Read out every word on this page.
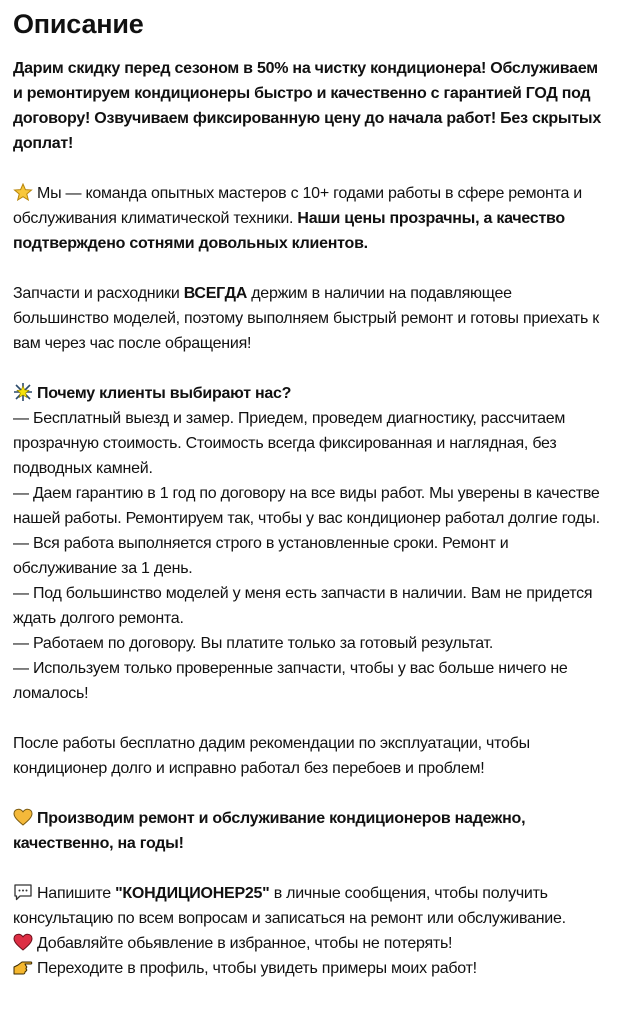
Описание

Дарим скидку перед сезоном в 50% на чистку кондиционера! Обслуживаем и ремонтируем кондиционеры быстро и качественно с гарантией ГОД под договору! Озвучиваем фиксированную цену до начала работ! Без скрытых доплат!

Мы — команда опытных мастеров с 10+ годами работы в сфере ремонта и обслуживания климатической техники. Наши цены прозрачны, а качество подтверждено сотнями довольных клиентов.

Запчасти и расходники ВСЕГДА держим в наличии на подавляющее большинство моделей, поэтому выполняем быстрый ремонт и готовы приехать к вам через час после обращения!

Почему клиенты выбирают нас?

— Бесплатный выезд и замер. Приедем, проведем диагностику, рассчитаем прозрачную стоимость. Стоимость всегда фиксированная и наглядная, без подводных камней.

— Даем гарантию в 1 год по договору на все виды работ. Мы уверены в качестве нашей работы. Ремонтируем так, чтобы у вас кондиционер работал долгие годы.

— Вся работа выполняется строго в установленные сроки. Ремонт и обслуживание за 1 день.

— Под большинство моделей у меня есть запчасти в наличии. Вам не придется ждать долгого ремонта.

— Работаем по договору. Вы платите только за готовый результат.

— Используем только проверенные запчасти, чтобы у вас больше ничего не ломалось!

После работы бесплатно дадим рекомендации по эксплуатации, чтобы кондиционер долго и исправно работал без перебоев и проблем!

Производим ремонт и обслуживание кондиционеров надежно, качественно, на годы!

Напишите "КОНДИЦИОНЕР25" в личные сообщения, чтобы получить консультацию по всем вопросам и записаться на ремонт или обслуживание.

Добавляйте обьявление в избранное, чтобы не потерять!

Переходите в профиль, чтобы увидеть примеры моих работ!
